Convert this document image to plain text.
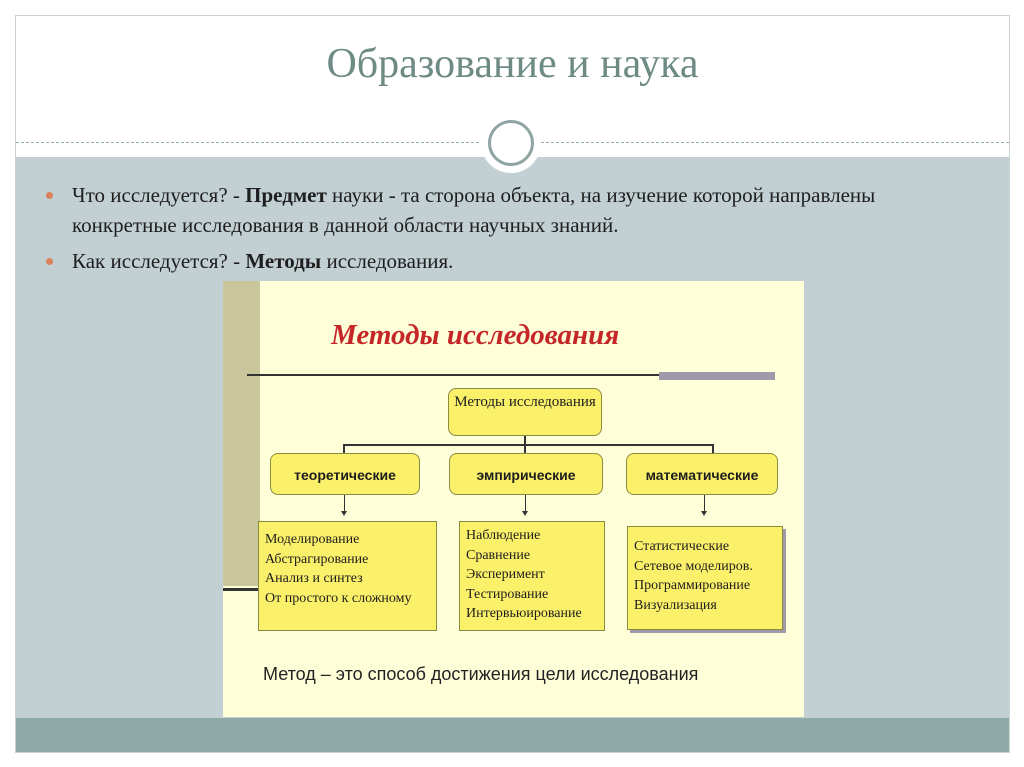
Образование и наука
Что исследуется? - Предмет науки - та сторона объекта, на изучение которой направлены конкретные исследования в данной области научных знаний.
Как исследуется? - Методы исследования.
Методы исследования
Методы исследования
теоретические	эмпирические	математические
Моделирование
Абстрагирование
Анализ и синтез
От простого к сложному
Наблюдение
Сравнение
Эксперимент
Тестирование
Интервьюирование
Статистические
Сетевое моделиров.
Программирование
Визуализация
Метод – это способ достижения цели исследования
